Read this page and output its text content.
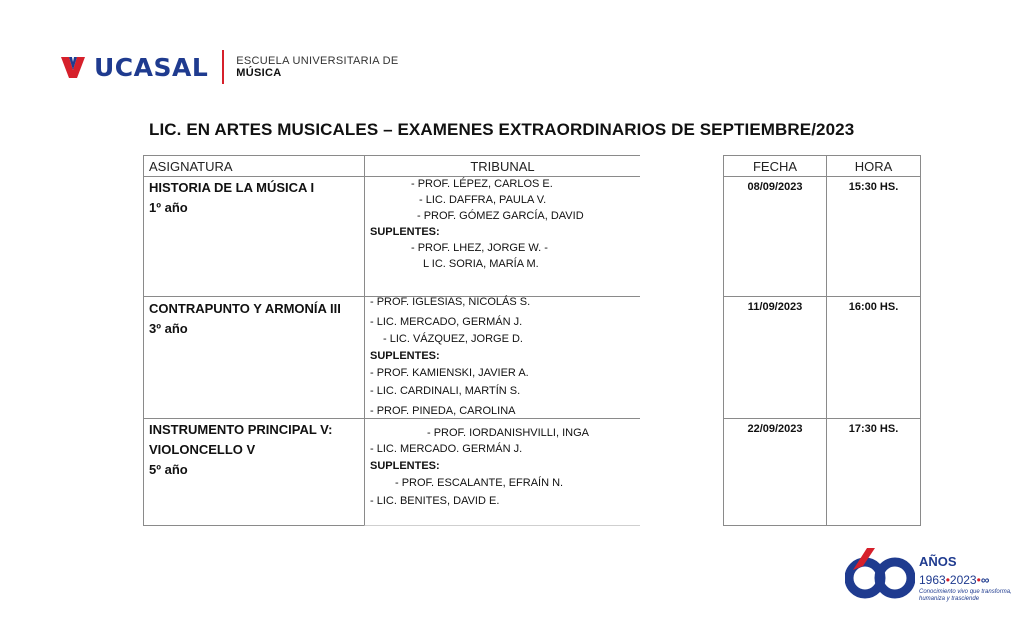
UCASAL	ESCUELA UNIVERSITARIA DE
MÚSICA
LIC. EN ARTES MUSICALES – EXAMENES EXTRAORDINARIOS DE SEPTIEMBRE/2023
ASIGNATURA	TRIBUNAL	FECHA	HORA
HISTORIA DE LA MÚSICA I
1º año
- PROF. LÉPEZ, CARLOS E.
- LIC. DAFFRA, PAULA V.
- PROF. GÓMEZ GARCÍA, DAVID
SUPLENTES:
- PROF. LHEZ, JORGE W. -
L IC. SORIA, MARÍA M.
08/09/2023	15:30 HS.
CONTRAPUNTO Y ARMONÍA III
3º año
- PROF. IGLESIAS, NICOLÁS S.
- LIC. MERCADO, GERMÁN J.
- LIC. VÁZQUEZ, JORGE D.
SUPLENTES:
- PROF. KAMIENSKI, JAVIER A.
- LIC. CARDINALI, MARTÍN S.
- PROF. PINEDA, CAROLINA
11/09/2023	16:00 HS.
INSTRUMENTO PRINCIPAL V:
VIOLONCELLO V
5º año
- PROF. IORDANISHVILLI, INGA
- LIC. MERCADO. GERMÁN J.
SUPLENTES:
- PROF. ESCALANTE, EFRAÍN N.
- LIC. BENITES, DAVID E.
22/09/2023	17:30 HS.
AÑOS
1963•2023•∞
Conocimiento vivo que transforma,
humaniza y trasciende
